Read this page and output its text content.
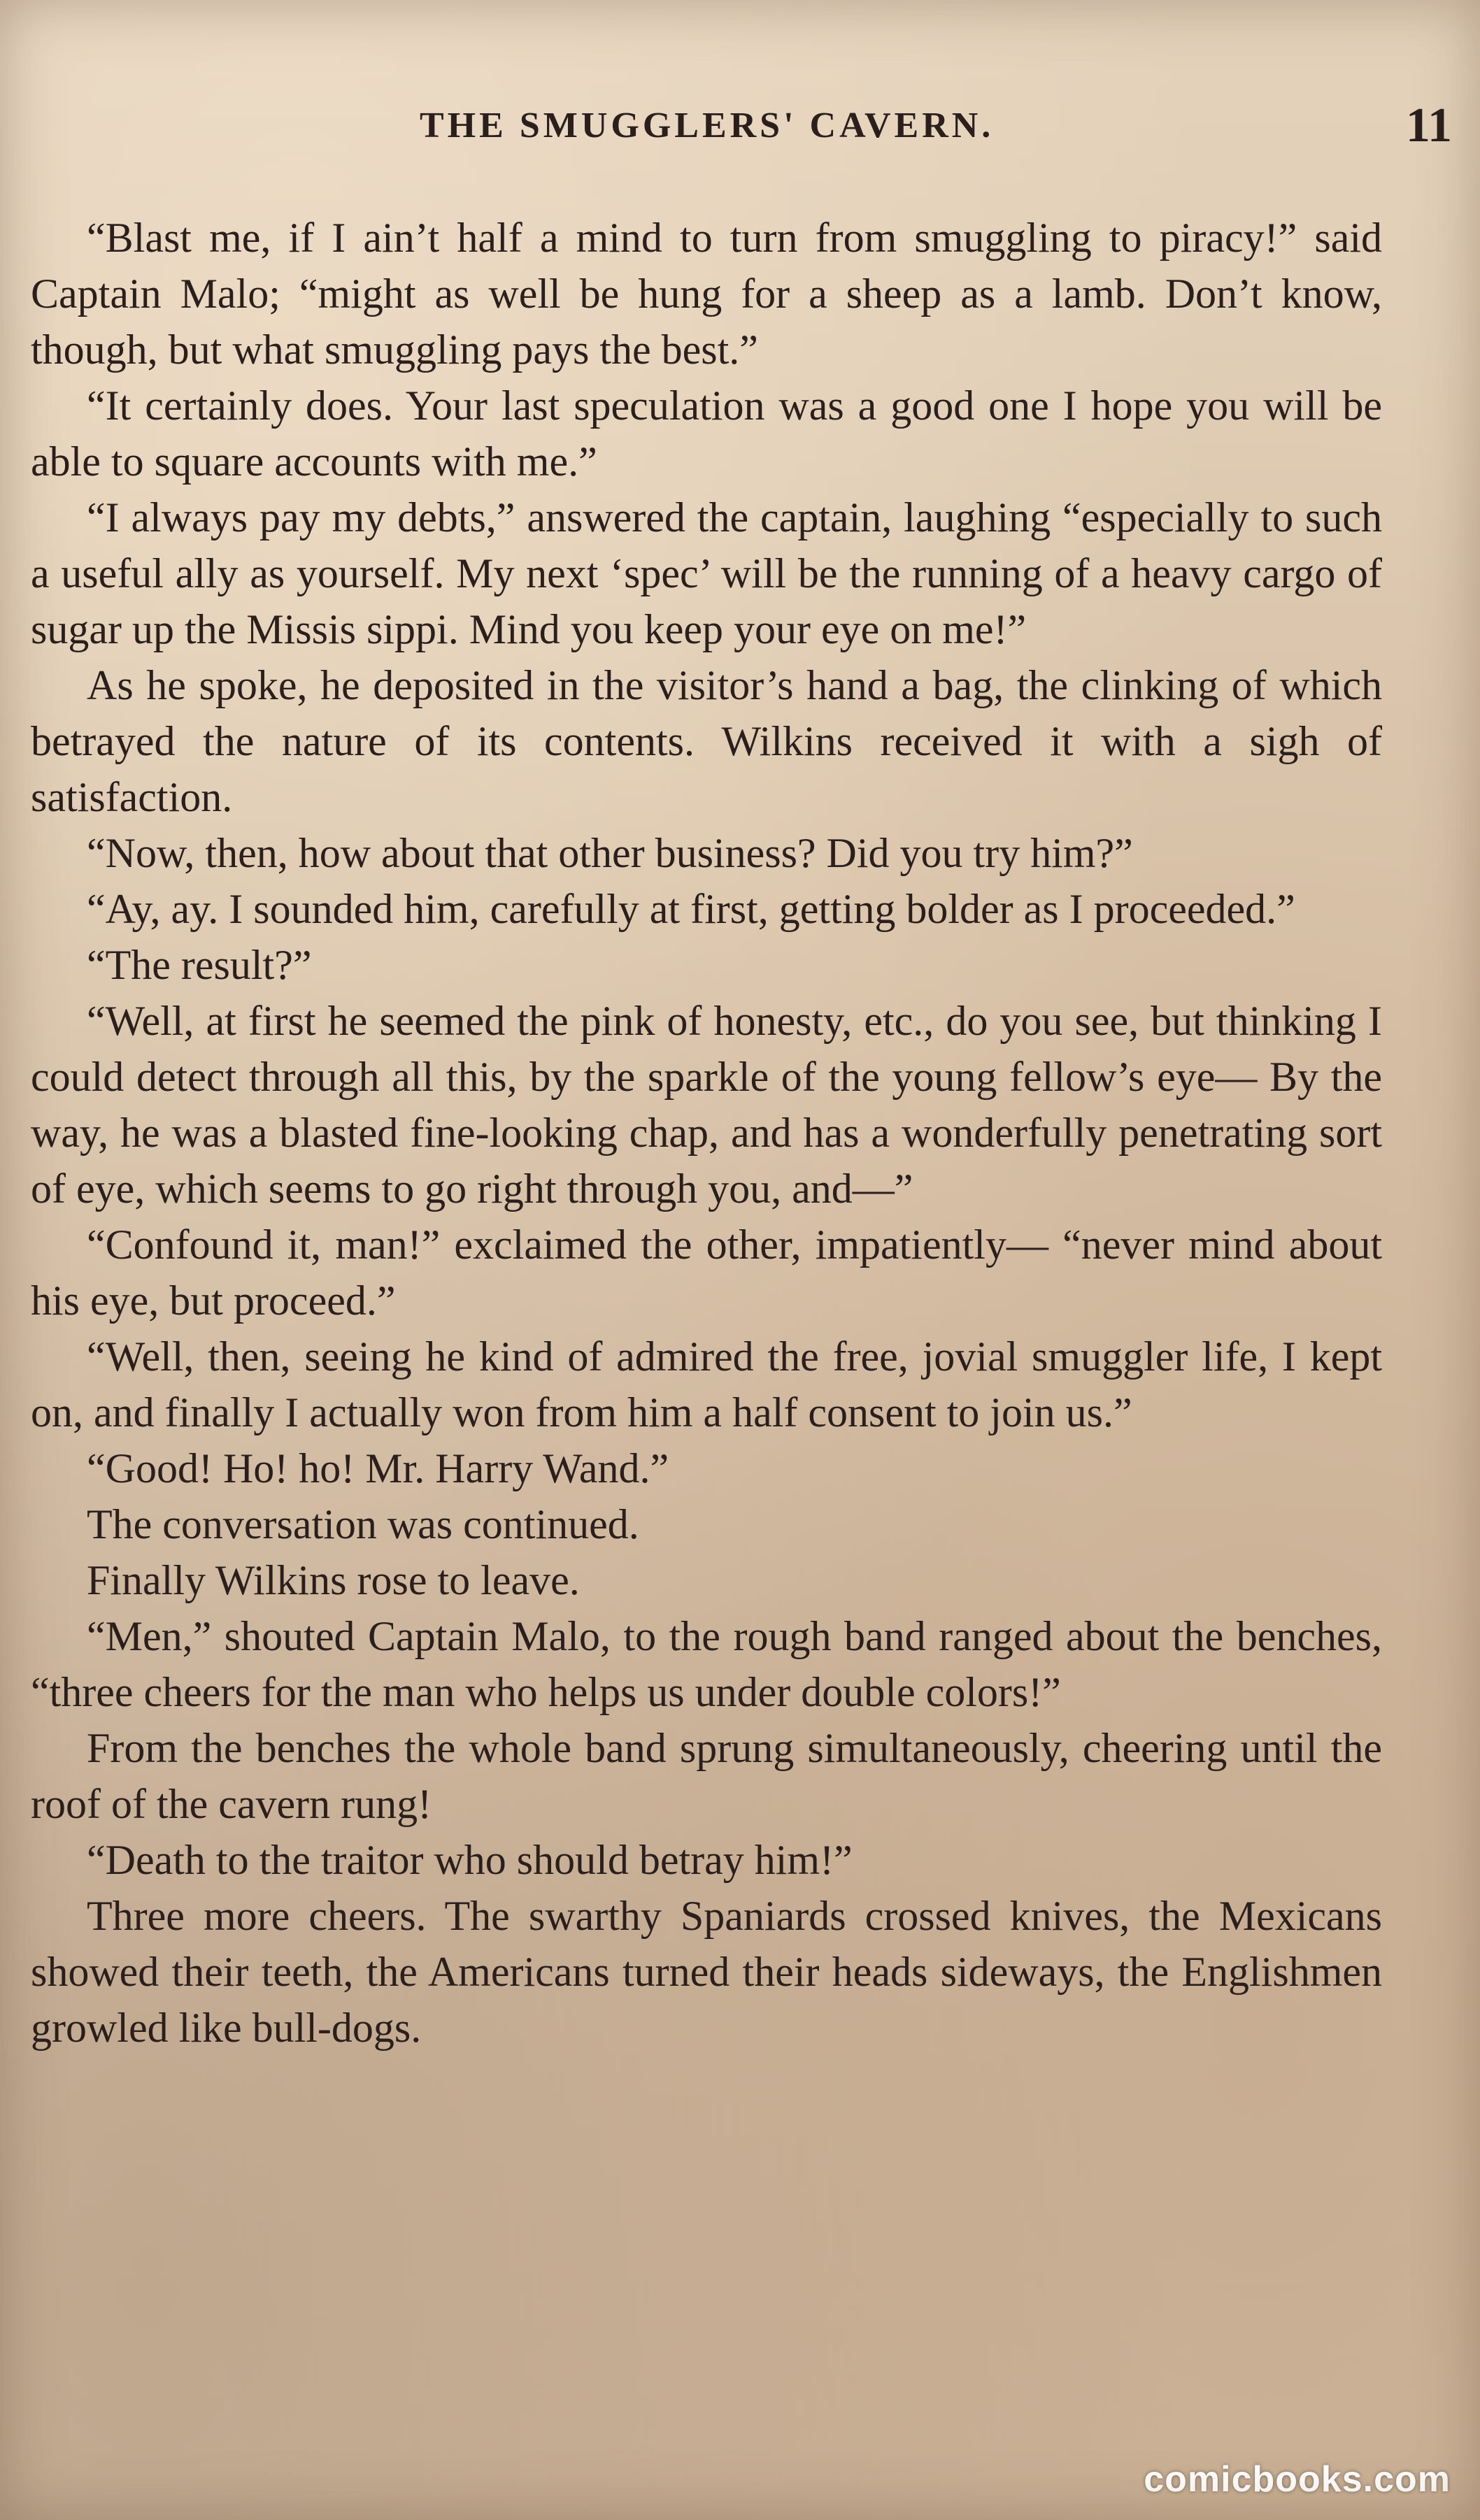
THE SMUGGLERS' CAVERN.	11

“Blast me, if I ain’t half a mind to turn from smuggling to piracy!” said Captain Malo; “might as well be hung for a sheep as a lamb. Don’t know, though, but what smuggling pays the best.”

“It certainly does. Your last speculation was a good one I hope you will be able to square accounts with me.”

“I always pay my debts,” answered the captain, laughing “especially to such a useful ally as yourself. My next ‘spec’ will be the running of a heavy cargo of sugar up the Missis sippi. Mind you keep your eye on me!”

As he spoke, he deposited in the visitor’s hand a bag, the clinking of which betrayed the nature of its contents. Wilkins received it with a sigh of satisfaction.

“Now, then, how about that other business? Did you try him?”

“Ay, ay. I sounded him, carefully at first, getting bolder as I proceeded.”

“The result?”

“Well, at first he seemed the pink of honesty, etc., do you see, but thinking I could detect through all this, by the sparkle of the young fellow’s eye— By the way, he was a blasted fine-looking chap, and has a wonderfully penetrating sort of eye, which seems to go right through you, and—”

“Confound it, man!” exclaimed the other, impatiently— “never mind about his eye, but proceed.”

“Well, then, seeing he kind of admired the free, jovial smuggler life, I kept on, and finally I actually won from him a half consent to join us.”

“Good! Ho! ho! Mr. Harry Wand.”

The conversation was continued.

Finally Wilkins rose to leave.

“Men,” shouted Captain Malo, to the rough band ranged about the benches, “three cheers for the man who helps us under double colors!”

From the benches the whole band sprung simultaneously, cheering until the roof of the cavern rung!

“Death to the traitor who should betray him!”

Three more cheers. The swarthy Spaniards crossed knives, the Mexicans showed their teeth, the Americans turned their heads sideways, the Englishmen growled like bull-dogs.

comicbooks.com
